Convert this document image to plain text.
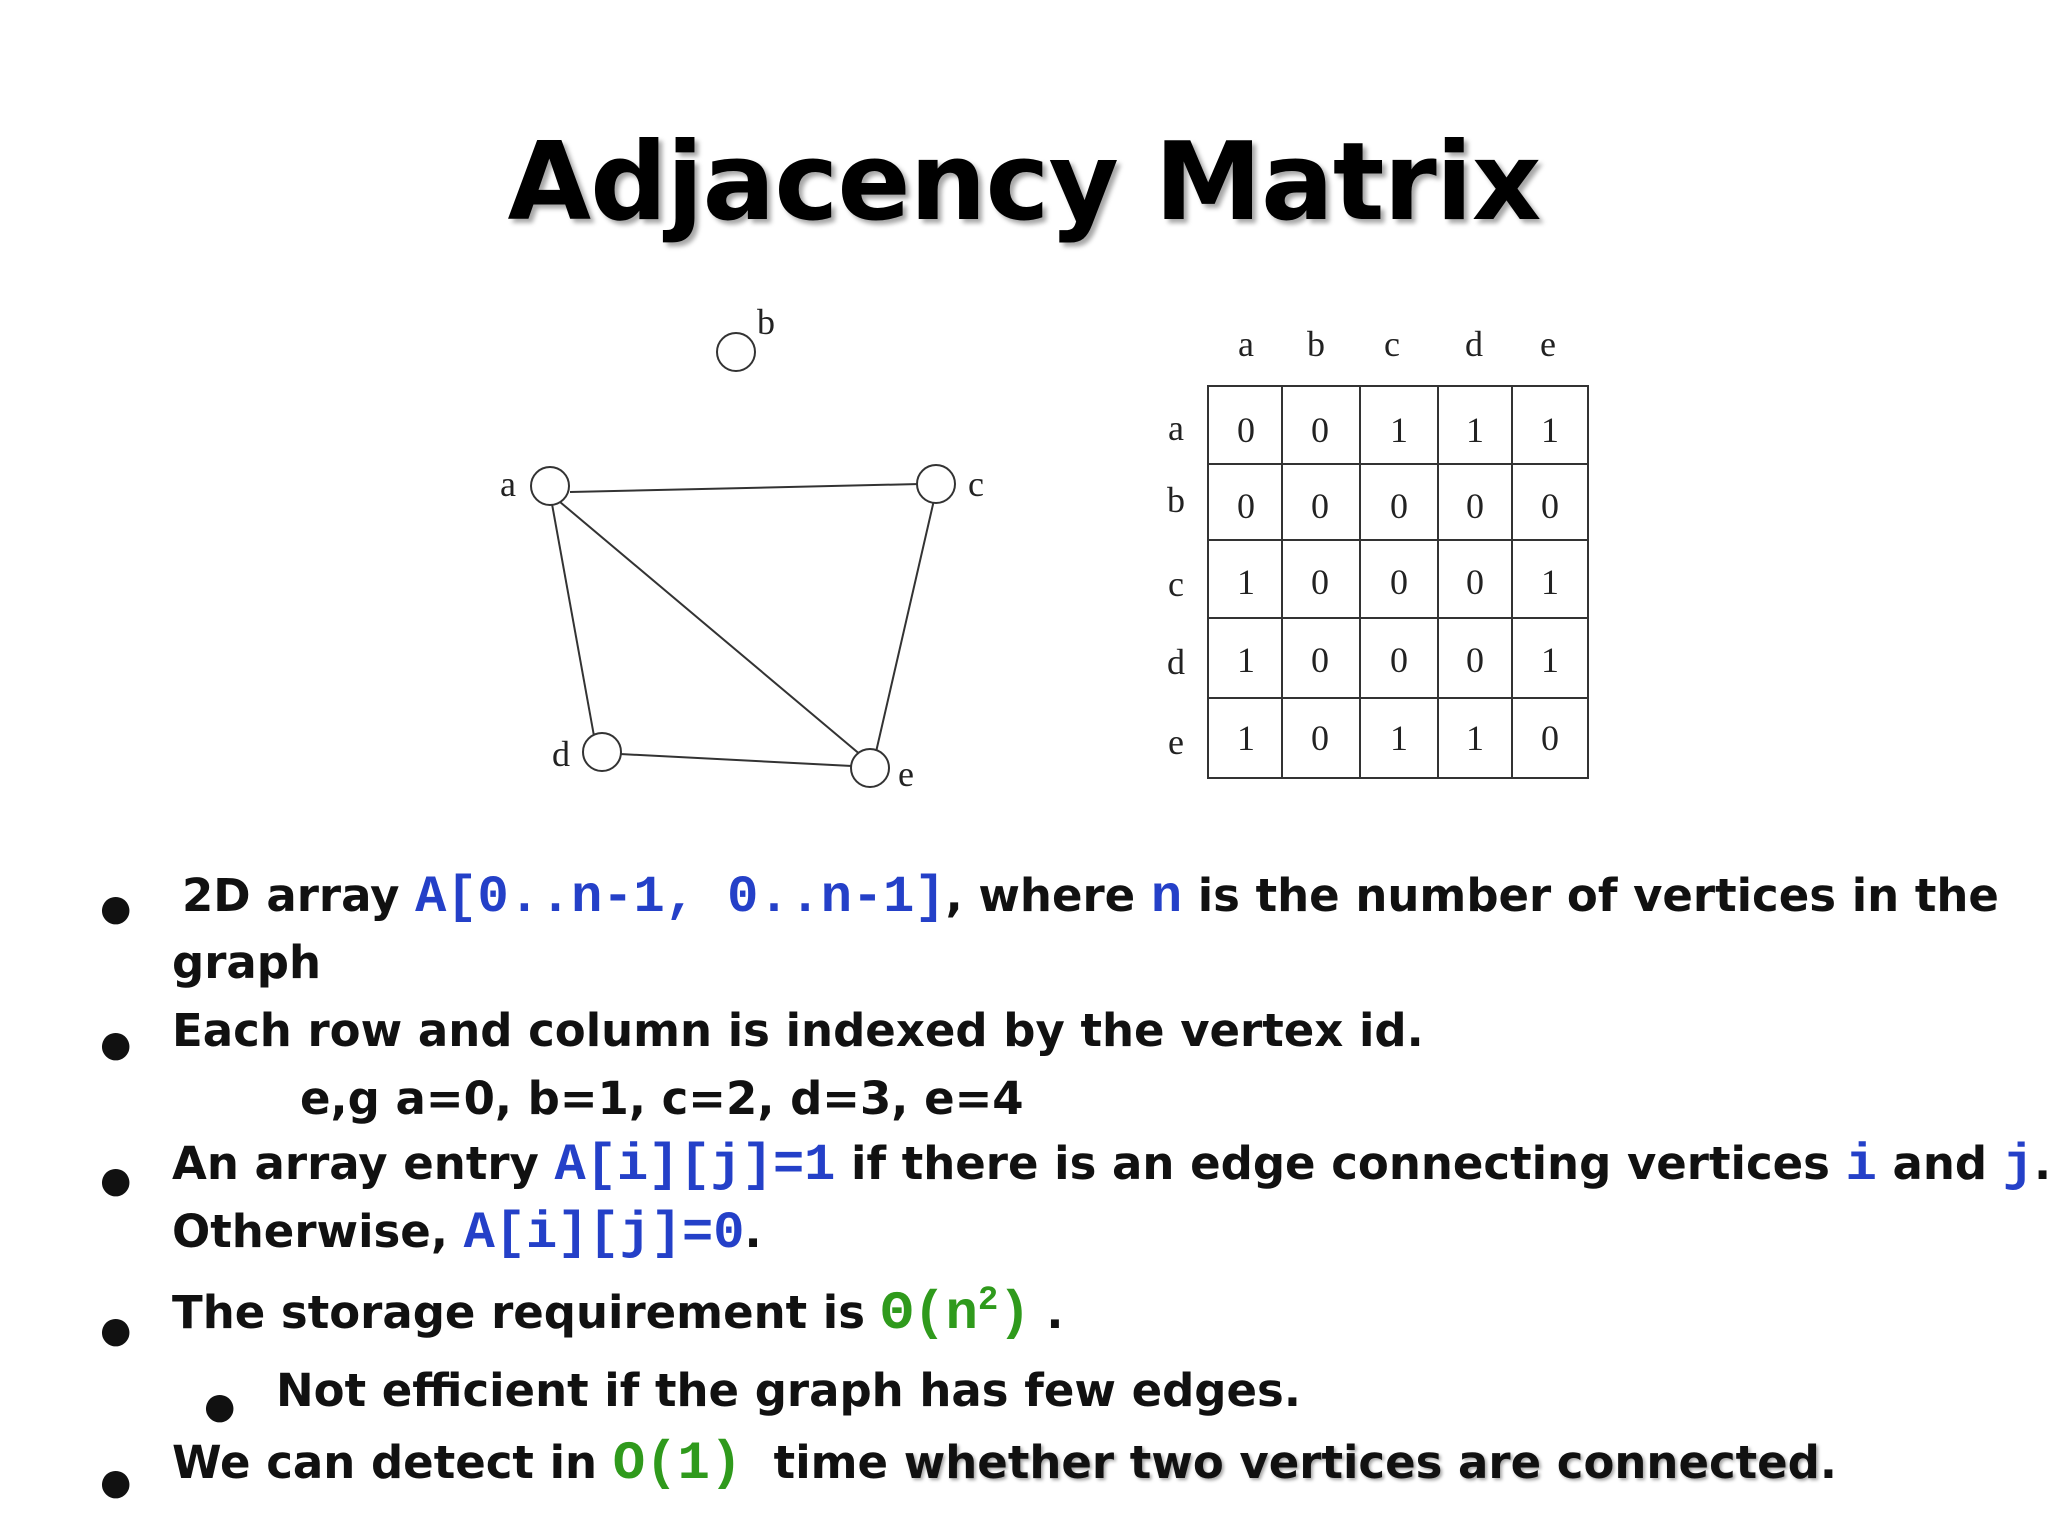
Adjacency Matrix
b
a	c
d	e
a b c d e
a
b
c
d
e
0 0 1 1 1
0 0 0 0 0
1 0 0 0 1
1 0 0 0 1
1 0 1 1 0
● 2D array A[0..n-1, 0..n-1], where n is the number of vertices in the
graph
● Each row and column is indexed by the vertex id.
e,g a=0, b=1, c=2, d=3, e=4
● An array entry A[i][j]=1 if there is an edge connecting vertices i and j.
Otherwise, A[i][j]=0.
● The storage requirement is $\Theta(n^2)$ .
● Not efficient if the graph has few edges.
● We can detect in O(1)  time whether two vertices are connected.
